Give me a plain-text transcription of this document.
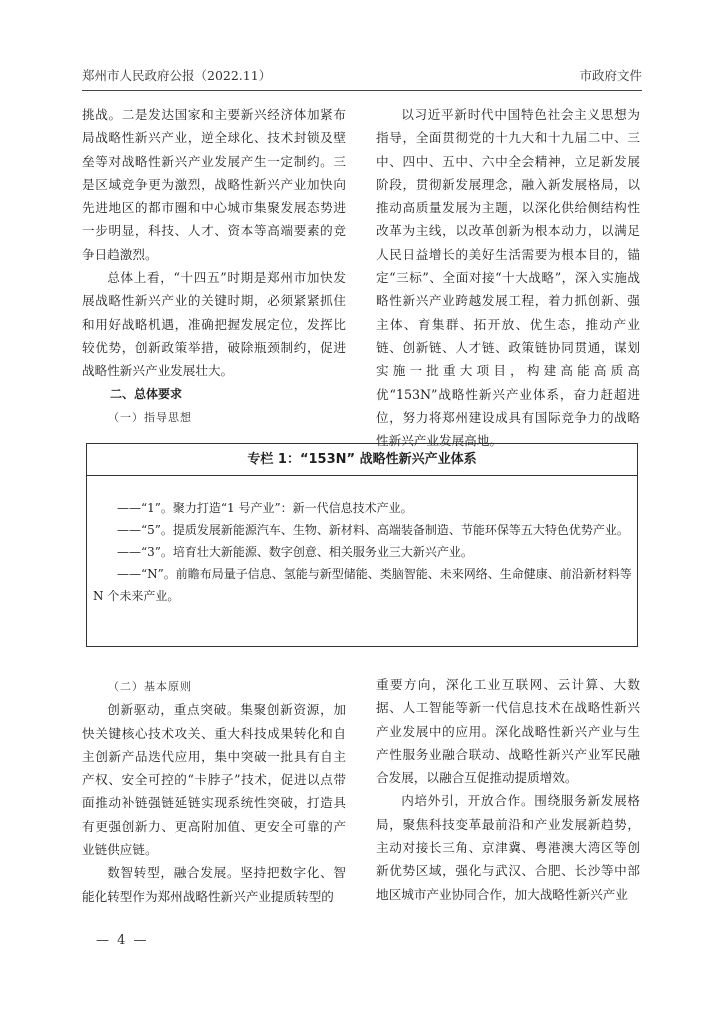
郑州市人民政府公报（2022.11）	市政府文件

挑战。二是发达国家和主要新兴经济体加紧布局战略性新兴产业，逆全球化、技术封锁及壁垒等对战略性新兴产业发展产生一定制约。三是区域竞争更为激烈，战略性新兴产业加快向先进地区的都市圈和中心城市集聚发展态势进一步明显，科技、人才、资本等高端要素的竞争日趋激烈。

总体上看，“十四五”时期是郑州市加快发展战略性新兴产业的关键时期，必须紧紧抓住和用好战略机遇，准确把握发展定位，发挥比较优势，创新政策举措，破除瓶颈制约，促进战略性新兴产业发展壮大。

二、总体要求

（一）指导思想

以习近平新时代中国特色社会主义思想为指导，全面贯彻党的十九大和十九届二中、三中、四中、五中、六中全会精神，立足新发展阶段，贯彻新发展理念，融入新发展格局，以推动高质量发展为主题，以深化供给侧结构性改革为主线，以改革创新为根本动力，以满足人民日益增长的美好生活需要为根本目的，锚定“三标”、全面对接“十大战略”，深入实施战略性新兴产业跨越发展工程，着力抓创新、强主体、育集群、拓开放、优生态，推动产业链、创新链、人才链、政策链协同贯通，谋划实施一批重大项目，构建高能高质高优“153N”战略性新兴产业体系，奋力赶超进位，努力将郑州建设成具有国际竞争力的战略性新兴产业发展高地。

专栏 1：“153N” 战略性新兴产业体系

——“1”。聚力打造“1 号产业”：新一代信息技术产业。

——“5”。提质发展新能源汽车、生物、新材料、高端装备制造、节能环保等五大特色优势产业。

——“3”。培育壮大新能源、数字创意、相关服务业三大新兴产业。

——“N”。前瞻布局量子信息、氢能与新型储能、类脑智能、未来网络、生命健康、前沿新材料等 N 个未来产业。

（二）基本原则

创新驱动，重点突破。集聚创新资源，加快关键核心技术攻关、重大科技成果转化和自主创新产品迭代应用，集中突破一批具有自主产权、安全可控的“卡脖子”技术，促进以点带面推动补链强链延链实现系统性突破，打造具有更强创新力、更高附加值、更安全可靠的产业链供应链。

数智转型，融合发展。坚持把数字化、智能化转型作为郑州战略性新兴产业提质转型的

重要方向，深化工业互联网、云计算、大数据、人工智能等新一代信息技术在战略性新兴产业发展中的应用。深化战略性新兴产业与生产性服务业融合联动、战略性新兴产业军民融合发展，以融合互促推动提质增效。

内培外引，开放合作。围绕服务新发展格局，聚焦科技变革最前沿和产业发展新趋势，主动对接长三角、京津冀、粤港澳大湾区等创新优势区域，强化与武汉、合肥、长沙等中部地区城市产业协同合作，加大战略性新兴产业

— 4 —
